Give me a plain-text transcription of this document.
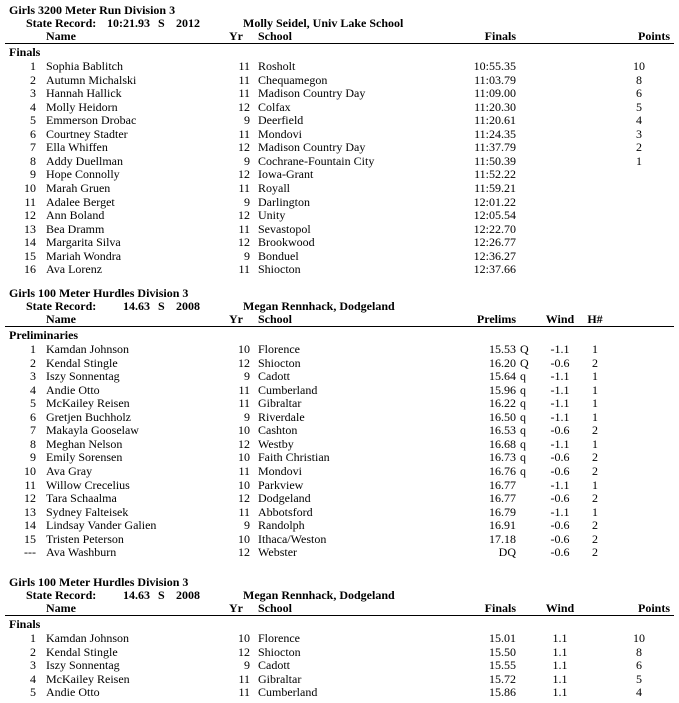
Girls 3200 Meter Run Division 3
State Record: 10:21.93 S 2012	Molly Seidel, Univ Lake School
Name	Yr School	Finals	Points
Finals
1 Sophia Bablitch	11 Rosholt	10:55.35	10
2 Autumn Michalski	11 Chequamegon	11:03.79	8
3 Hannah Hallick	11 Madison Country Day	11:09.00	6
4 Molly Heidorn	12 Colfax	11:20.30	5
5 Emmerson Drobac	9 Deerfield	11:20.61	4
6 Courtney Stadter	11 Mondovi	11:24.35	3
7 Ella Whiffen	12 Madison Country Day	11:37.79	2
8 Addy Duellman	9 Cochrane-Fountain City	11:50.39	1
9 Hope Connolly	12 Iowa-Grant	11:52.22
10 Marah Gruen	11 Royall	11:59.21
11 Adalee Berget	9 Darlington	12:01.22
12 Ann Boland	12 Unity	12:05.54
13 Bea Dramm	11 Sevastopol	12:22.70
14 Margarita Silva	12 Brookwood	12:26.77
15 Mariah Wondra	9 Bonduel	12:36.27
16 Ava Lorenz	11 Shiocton	12:37.66
Girls 100 Meter Hurdles Division 3
State Record:	14.63 S 2008	Megan Rennhack, Dodgeland
Name	Yr School	Prelims	Wind	H#
Preliminaries
1 Kamdan Johnson	10 Florence	15.53 Q	-1.1	1
2 Kendal Stingle	12 Shiocton	16.20 Q	-0.6	2
3 Iszy Sonnentag	9 Cadott	15.64 q	-1.1	1
4 Andie Otto	11 Cumberland	15.96 q	-1.1	1
5 McKailey Reisen	11 Gibraltar	16.22 q	-1.1	1
6 Gretjen Buchholz	9 Riverdale	16.50 q	-1.1	1
7 Makayla Gooselaw	10 Cashton	16.53 q	-0.6	2
8 Meghan Nelson	12 Westby	16.68 q	-1.1	1
9 Emily Sorensen	10 Faith Christian	16.73 q	-0.6	2
10 Ava Gray	11 Mondovi	16.76 q	-0.6	2
11 Willow Crecelius	10 Parkview	16.77	-1.1	1
12 Tara Schaalma	12 Dodgeland	16.77	-0.6	2
13 Sydney Falteisek	11 Abbotsford	16.79	-1.1	1
14 Lindsay Vander Galien	9 Randolph	16.91	-0.6	2
15 Tristen Peterson	10 Ithaca/Weston	17.18	-0.6	2
--- Ava Washburn	12 Webster	DQ	-0.6	2
Girls 100 Meter Hurdles Division 3
State Record:	14.63 S 2008	Megan Rennhack, Dodgeland
Name	Yr School	Finals	Wind	Points
Finals
1 Kamdan Johnson	10 Florence	15.01	1.1	10
2 Kendal Stingle	12 Shiocton	15.50	1.1	8
3 Iszy Sonnentag	9 Cadott	15.55	1.1	6
4 McKailey Reisen	11 Gibraltar	15.72	1.1	5
5 Andie Otto	11 Cumberland	15.86	1.1	4
